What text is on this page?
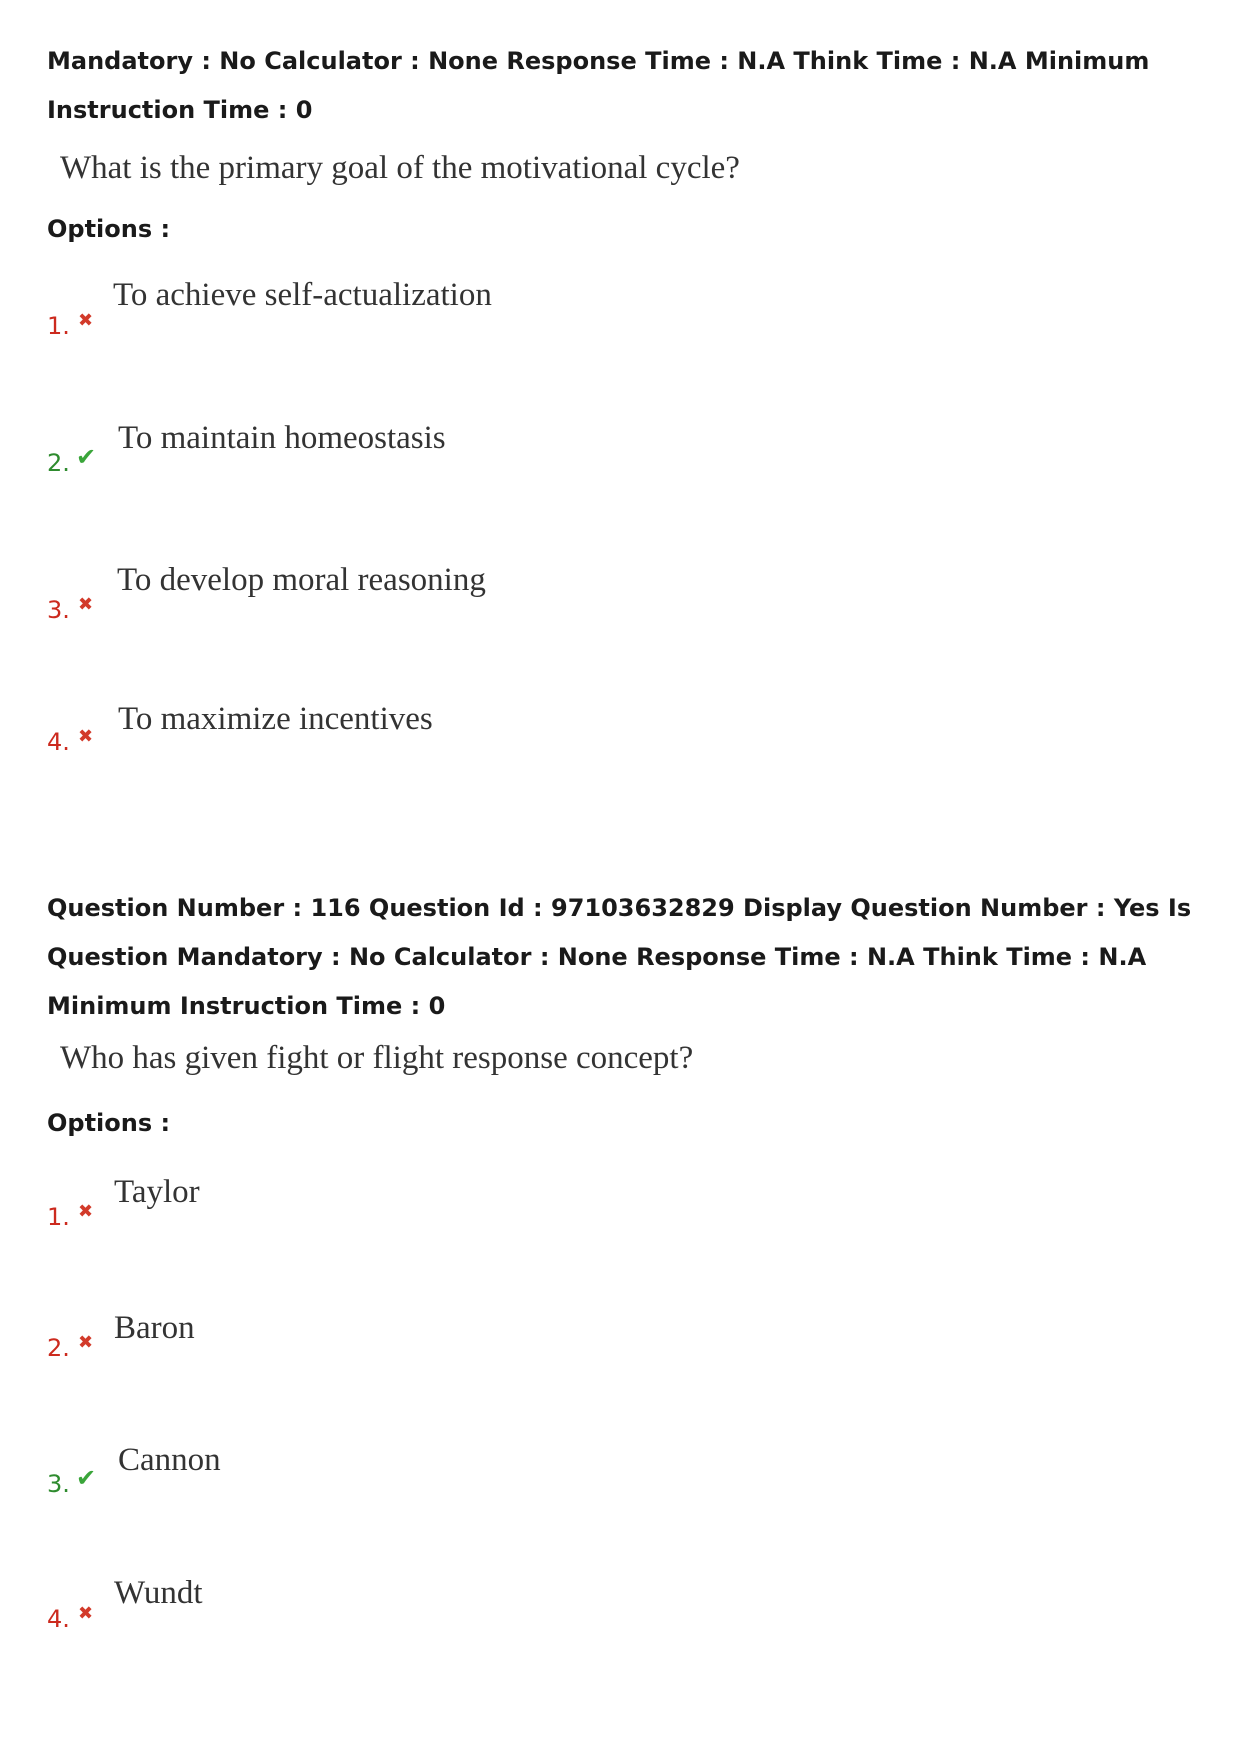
Mandatory : No Calculator : None Response Time : N.A Think Time : N.A Minimum Instruction Time : 0
What is the primary goal of the motivational cycle?
Options :
1. ✖
To achieve self-actualization
2. ✔
To maintain homeostasis
3. ✖
To develop moral reasoning
4. ✖ To maximize incentives
Question Number : 116 Question Id : 97103632829 Display Question Number : Yes Is Question Mandatory : No Calculator : None Response Time : N.A Think Time : N.A Minimum Instruction Time : 0
Who has given fight or flight response concept?
Options :
1. ✖
Taylor
2. ✖ Baron
3. ✔ Cannon
4. ✖
Wundt
